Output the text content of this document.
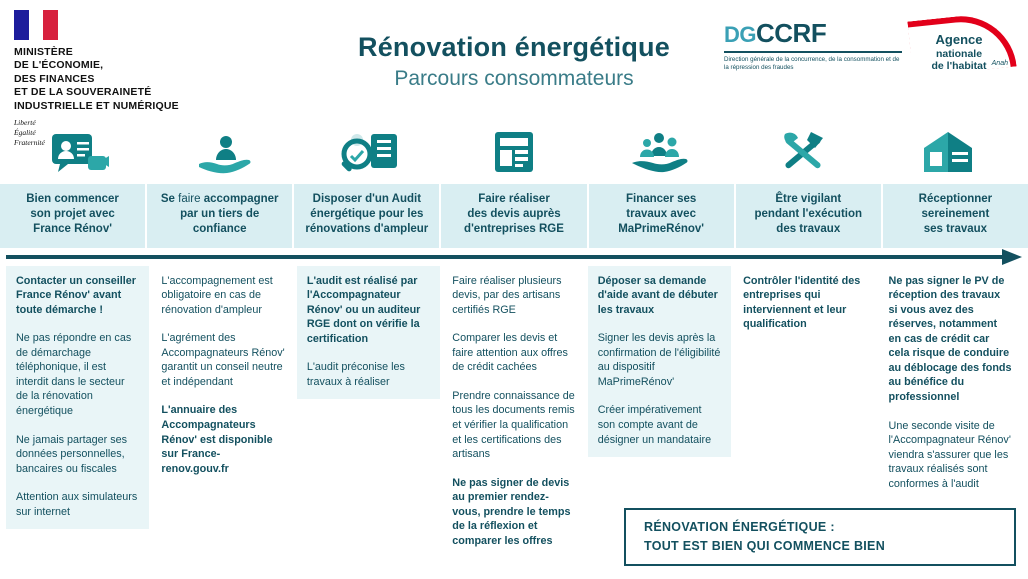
MINISTÈRE
DE L'ÉCONOMIE,
DES FINANCES
ET DE LA SOUVERAINETÉ
INDUSTRIELLE ET NUMÉRIQUE
Liberté
Égalité
Fraternité
Rénovation énergétique
Parcours consommateurs
DG CCRF
Direction générale de la concurrence, de la consommation et de la répression des fraudes
Agence
nationale
de l'habitat Anah
Bien commencer
son projet avec
France Rénov'
Se faire accompagner
par un tiers de
confiance
Disposer d'un Audit
énergétique pour les
rénovations d'ampleur
Faire réaliser
des devis auprès
d'entreprises RGE
Financer ses
travaux avec
MaPrimeRénov'
Être vigilant
pendant l'exécution
des travaux
Réceptionner
sereinement
ses travaux

Contacter un conseiller France Rénov' avant toute démarche !

Ne pas répondre en cas de démarchage téléphonique, il est interdit dans le secteur de la rénovation énergétique

Ne jamais partager ses données personnelles, bancaires ou fiscales

Attention aux simulateurs sur internet

L'accompagnement est obligatoire en cas de rénovation d'ampleur

L'agrément des Accompagnateurs Rénov' garantit un conseil neutre et indépendant

L'annuaire des Accompagnateurs Rénov' est disponible sur France-renov.gouv.fr

L'audit est réalisé par l'Accompagnateur Rénov' ou un auditeur RGE dont on vérifie la certification

L'audit préconise les travaux à réaliser

Faire réaliser plusieurs devis, par des artisans certifiés RGE

Comparer les devis et faire attention aux offres de crédit cachées

Prendre connaissance de tous les documents remis et vérifier la qualification et les certifications des artisans

Ne pas signer de devis au premier rendez-vous, prendre le temps de la réflexion et comparer les offres

Déposer sa demande d'aide avant de débuter les travaux

Signer les devis après la confirmation de l'éligibilité au dispositif MaPrimeRénov'

Créer impérativement son compte avant de désigner un mandataire

Contrôler l'identité des entreprises qui interviennent et leur qualification

Ne pas signer le PV de réception des travaux si vous avez des réserves, notamment en cas de crédit car cela risque de conduire au déblocage des fonds au bénéfice du professionnel

Une seconde visite de l'Accompagnateur Rénov' viendra s'assurer que les travaux réalisés sont conformes à l'audit

RÉNOVATION ÉNERGÉTIQUE :
TOUT EST BIEN QUI COMMENCE BIEN
